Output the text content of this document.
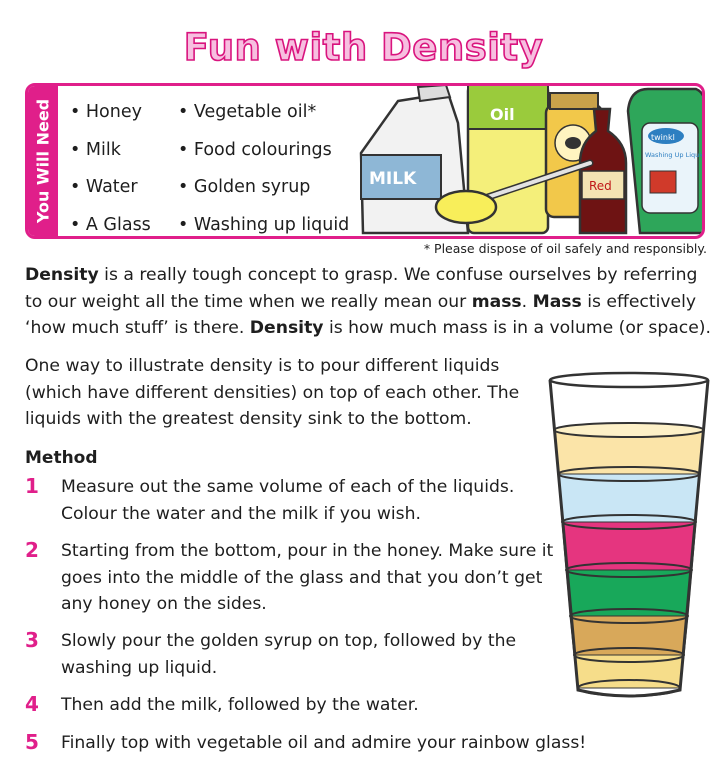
Fun with Density
You Will Need • Honey
• Milk
• Water
• A Glass
• Vegetable oil*
• Food colourings
• Golden syrup
• Washing up liquid
MILK
Oil
Red
twinkl
Washing Up Liquid
* Please dispose of oil safely and responsibly.
Density is a really tough concept to grasp. We confuse ourselves by referring to our weight all the time when we really mean our mass. Mass is effectively ‘how much stuff’ is there. Density is how much mass is in a volume (or space).
One way to illustrate density is to pour different liquids (which have different densities) on top of each other. The liquids with the greatest density sink to the bottom.
Method
1 Measure out the same volume of each of the liquids. Colour the water and the milk if you wish.
2 Starting from the bottom, pour in the honey. Make sure it goes into the middle of the glass and that you don’t get any honey on the sides.
3 Slowly pour the golden syrup on top, followed by the washing up liquid.
4 Then add the milk, followed by the water.
5 Finally top with vegetable oil and admire your rainbow glass!
